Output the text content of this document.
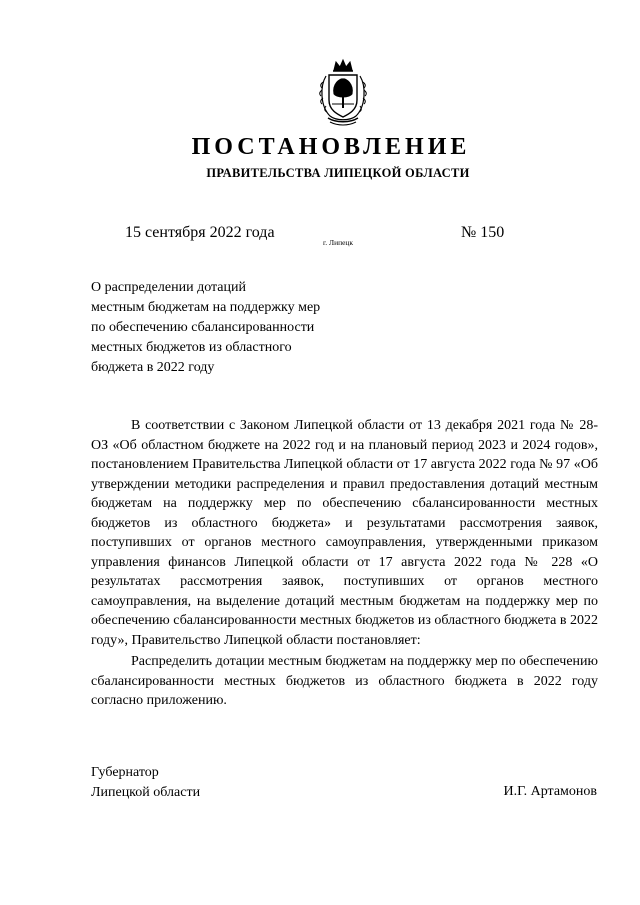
ПОСТАНОВЛЕНИЕ
ПРАВИТЕЛЬСТВА ЛИПЕЦКОЙ ОБЛАСТИ
15 сентября 2022 года
г. Липецк
№ 150
О распределении дотаций
местным бюджетам на поддержку мер
по обеспечению сбалансированности
местных бюджетов из областного
бюджета в 2022 году

В соответствии с Законом Липецкой области от 13 декабря 2021 года № 28-ОЗ «Об областном бюджете на 2022 год и на плановый период 2023 и 2024 годов», постановлением Правительства Липецкой области от 17 августа 2022 года № 97 «Об утверждении методики распределения и правил предоставления дотаций местным бюджетам на поддержку мер по обеспечению сбалансированности местных бюджетов из областного бюджета» и результатами рассмотрения заявок, поступивших от органов местного самоуправления, утвержденными приказом управления финансов Липецкой области от 17 августа 2022 года № 228 «О результатах рассмотрения заявок, поступивших от органов местного самоуправления, на выделение дотаций местным бюджетам на поддержку мер по обеспечению сбалансированности местных бюджетов из областного бюджета в 2022 году», Правительство Липецкой области постановляет:

Распределить дотации местным бюджетам на поддержку мер по обеспечению сбалансированности местных бюджетов из областного бюджета в 2022 году согласно приложению.

Губернатор
Липецкой области	И.Г. Артамонов
